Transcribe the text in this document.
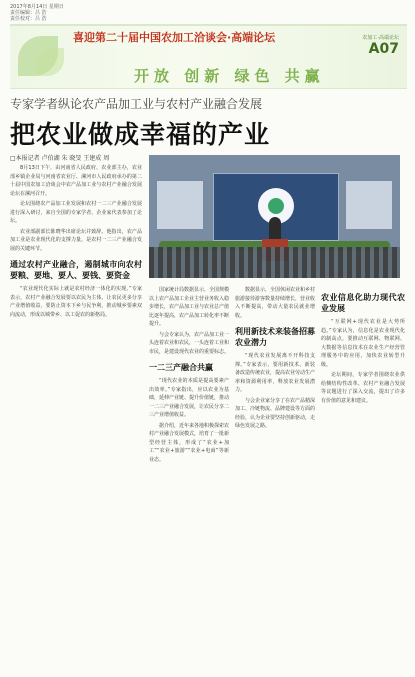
2017年8月14日 星期日
责任编辑：吕 浩
责任校对：吕 浩
喜迎第二十届中国农加工洽谈会·高端论坛
开放 创新 绿色 共赢
农加工·高端论坛
A07
专家学者纵论农产品加工业与农村产业融合发展
把农业做成幸福的产业
□本报记者 卢伯湖 朱 晓旻 王建成 周

8月13日下午，由河南省人民政府、农业部主办，农业部乡镇企业局与河南省农业厅、漯河市人民政府承办的第二十届中国农加工洽谈会中农产品加工业与农村产业融合发展论坛在漯河召开。

论坛围绕农产品加工业发展和农村一二三产业融合发展进行深入研讨，来自全国的专家学者、企业家代表参加了论坛。

农业部副部长陈晓华出席论坛并致辞。他指出，农产品加工业是农业现代化的支撑力量，是农村一二三产业融合发展的关键环节。

通过农村产业融合，遏制城市向农村要粮、要地、要人、要钱、要资金

“农业现代化实际上就是农村经济一体化的实现。”专家表示，农村产业融合发展要以农民为主体，让农民更多分享产业增值收益，要防止资本下乡与民争利，推动城乡要素双向流动，形成以城带乡、以工促农的新格局。

国家统计局数据显示，全国规模以上农产品加工企业主营业务收入稳步增长，农产品加工业与农业总产值比逐年提高，农产品加工转化率不断提升。

与会专家认为，农产品加工业一头连着农业和农民，一头连着工业和市民，是建设现代农业的重要标志。

一二三产融合共赢

“现代农业的本质是提高要素产出效率。”专家指出，应以农业为基础，延伸产业链、提升价值链，推动一二三产业融合发展，让农民分享二三产业增值收益。

据介绍，近年来各地积极探索农村产业融合发展模式，培育了一批新型经营主体，形成了“农业+加工”“农业+旅游”“农业+电商”等新业态。

数据显示，全国休闲农业和乡村旅游接待游客数量持续增长，营业收入不断提高，带动大量农民就业增收。

利用新技术来装备招募农业潜力

“现代农业发展离不开科技支撑。”专家表示，要用新技术、新装备改造传统农业，提高农业劳动生产率和资源利用率，释放农业发展潜力。

与会企业家分享了在农产品精深加工、冷链物流、品牌建设等方面的经验，认为企业要坚持创新驱动，走绿色发展之路。

农业信息化助力现代农业发展

“互联网+现代农业是大势所趋。”专家认为，信息化是农业现代化的制高点，要推动互联网、物联网、大数据等信息技术在农业生产经营管理服务中的应用，加快农业转型升级。

论坛期间，专家学者围绕农业供给侧结构性改革、农村产业融合发展等议题进行了深入交流，提出了许多有价值的意见和建议。
